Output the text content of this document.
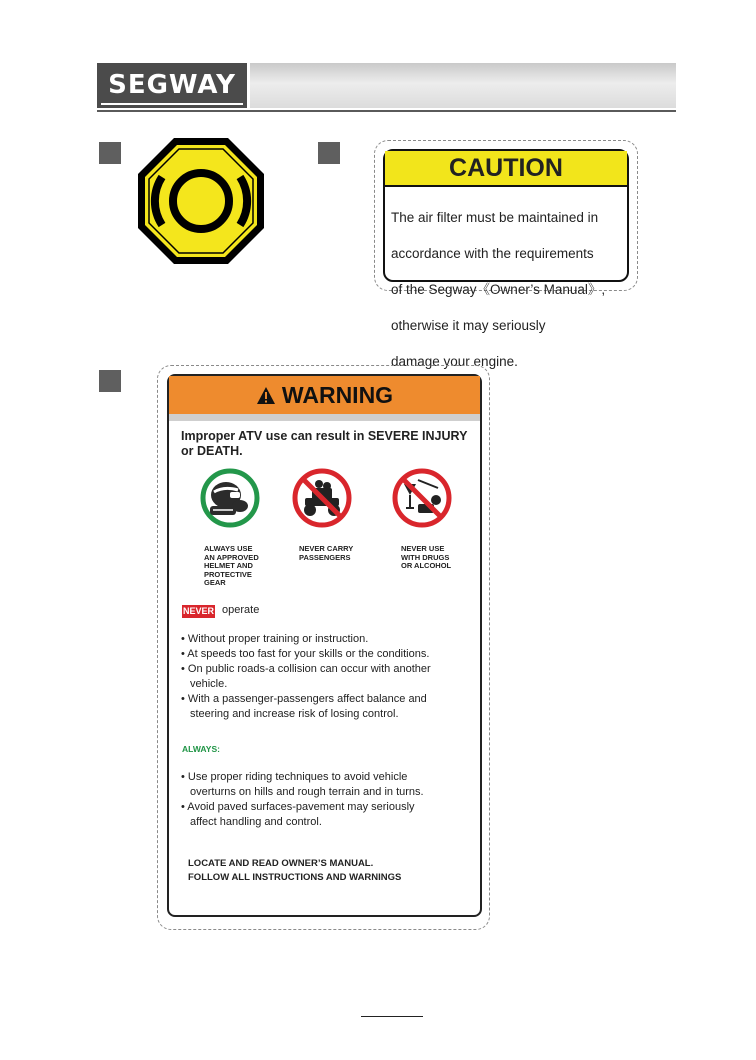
SEGWAY
CAUTION

The air filter must be maintained in

accordance with the requirements

of the Segway《Owner’s Manual》,

otherwise it may seriously

damage your engine.

WARNING
Improper ATV use can result in SEVERE INJURY
or DEATH.
ALWAYS USE
AN APPROVED
HELMET AND
PROTECTIVE
GEAR
NEVER CARRY
PASSENGERS
NEVER USE
WITH DRUGS
OR ALCOHOL
NEVER operate
• Without proper training or instruction.
• At speeds too fast for your skills or the conditions.
• On public roads-a collision can occur with another
vehicle.
• With a passenger-passengers affect balance and
steering and increase risk of losing control.
ALWAYS:
• Use proper riding techniques to avoid vehicle
overturns on hills and rough terrain and in turns.
• Avoid paved surfaces-pavement may seriously
affect handling and control.
LOCATE AND READ OWNER’S MANUAL.
FOLLOW ALL INSTRUCTIONS AND WARNINGS
